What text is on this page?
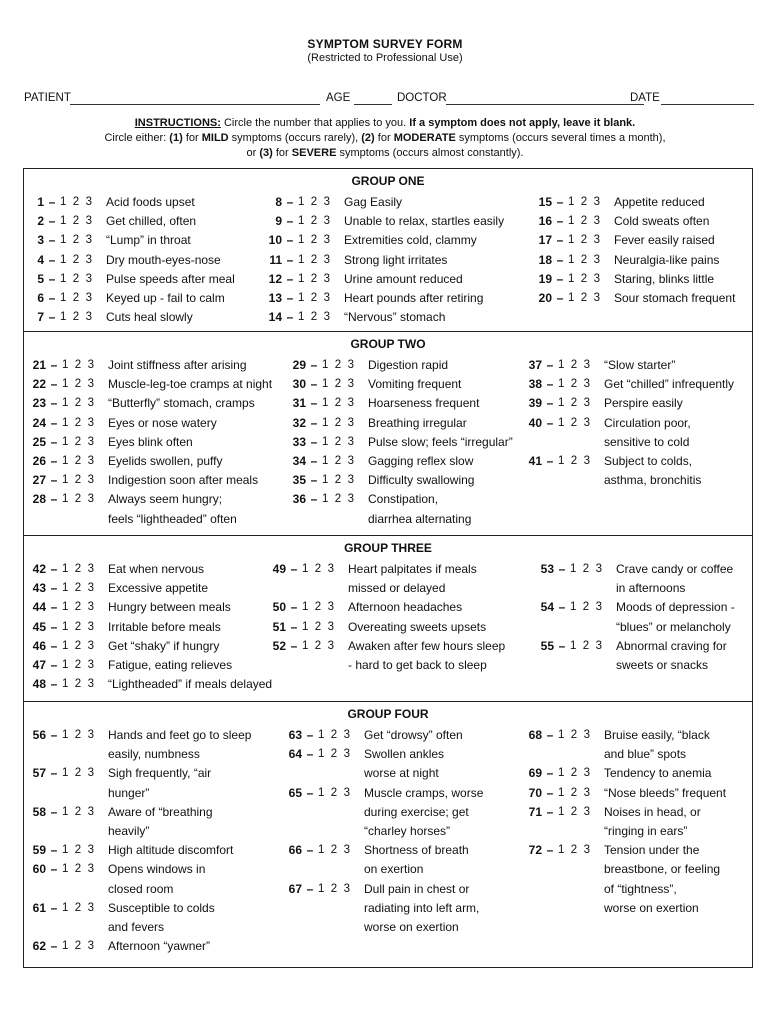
SYMPTOM SURVEY FORM
(Restricted to Professional Use)
PATIENT	AGE	DOCTOR	DATE
INSTRUCTIONS: Circle the number that applies to you. If a symptom does not apply, leave it blank.
Circle either: (1) for MILD symptoms (occurs rarely), (2) for MODERATE symptoms (occurs several times a month),
or (3) for SEVERE symptoms (occurs almost constantly).
GROUP ONE
1 – 1 2 3	Acid foods upset
2 – 1 2 3	Get chilled, often
3 – 1 2 3	“Lump” in throat
4 – 1 2 3	Dry mouth-eyes-nose
5 – 1 2 3	Pulse speeds after meal
6 – 1 2 3	Keyed up - fail to calm
7 – 1 2 3	Cuts heal slowly
8 – 1 2 3	Gag Easily
9 – 1 2 3	Unable to relax, startles easily
10 – 1 2 3	Extremities cold, clammy
11 – 1 2 3	Strong light irritates
12 – 1 2 3	Urine amount reduced
13 – 1 2 3	Heart pounds after retiring
14 – 1 2 3	“Nervous” stomach
15 – 1 2 3	Appetite reduced
16 – 1 2 3	Cold sweats often
17 – 1 2 3	Fever easily raised
18 – 1 2 3	Neuralgia-like pains
19 – 1 2 3	Staring, blinks little
20 – 1 2 3	Sour stomach frequent
GROUP TWO
21 – 1 2 3	Joint stiffness after arising
22 – 1 2 3	Muscle-leg-toe cramps at night
23 – 1 2 3	“Butterfly” stomach, cramps
24 – 1 2 3	Eyes or nose watery
25 – 1 2 3	Eyes blink often
26 – 1 2 3	Eyelids swollen, puffy
27 – 1 2 3	Indigestion soon after meals
28 – 1 2 3	Always seem hungry;
feels “lightheaded” often
29 – 1 2 3	Digestion rapid
30 – 1 2 3	Vomiting frequent
31 – 1 2 3	Hoarseness frequent
32 – 1 2 3	Breathing irregular
33 – 1 2 3	Pulse slow; feels “irregular”
34 – 1 2 3	Gagging reflex slow
35 – 1 2 3	Difficulty swallowing
36 – 1 2 3	Constipation,
diarrhea alternating
37 – 1 2 3	“Slow starter”
38 – 1 2 3	Get “chilled” infrequently
39 – 1 2 3	Perspire easily
40 – 1 2 3	Circulation poor,
sensitive to cold
41 – 1 2 3	Subject to colds,
asthma, bronchitis
GROUP THREE
42 – 1 2 3	Eat when nervous
43 – 1 2 3	Excessive appetite
44 – 1 2 3	Hungry between meals
45 – 1 2 3	Irritable before meals
46 – 1 2 3	Get “shaky” if hungry
47 – 1 2 3	Fatigue, eating relieves
48 – 1 2 3	“Lightheaded” if meals delayed
49 – 1 2 3	Heart palpitates if meals
missed or delayed
50 – 1 2 3	Afternoon headaches
51 – 1 2 3	Overeating sweets upsets
52 – 1 2 3	Awaken after few hours sleep
- hard to get back to sleep
53 – 1 2 3	Crave candy or coffee
in afternoons
54 – 1 2 3	Moods of depression -
“blues” or melancholy
55 – 1 2 3	Abnormal craving for
sweets or snacks
GROUP FOUR
56 – 1 2 3	Hands and feet go to sleep
easily, numbness
57 – 1 2 3	Sigh frequently, “air
hunger”
58 – 1 2 3	Aware of “breathing
heavily”
59 – 1 2 3	High altitude discomfort
60 – 1 2 3	Opens windows in
closed room
61 – 1 2 3	Susceptible to colds
and fevers
62 – 1 2 3	Afternoon “yawner”
63 – 1 2 3	Get “drowsy” often
64 – 1 2 3	Swollen ankles
worse at night
65 – 1 2 3	Muscle cramps, worse
during exercise; get
“charley horses”
66 – 1 2 3	Shortness of breath
on exertion
67 – 1 2 3	Dull pain in chest or
radiating into left arm,
worse on exertion
68 – 1 2 3	Bruise easily, “black
and blue” spots
69 – 1 2 3	Tendency to anemia
70 – 1 2 3	“Nose bleeds” frequent
71 – 1 2 3	Noises in head, or
“ringing in ears”
72 – 1 2 3	Tension under the
breastbone, or feeling
of “tightness”,
worse on exertion
